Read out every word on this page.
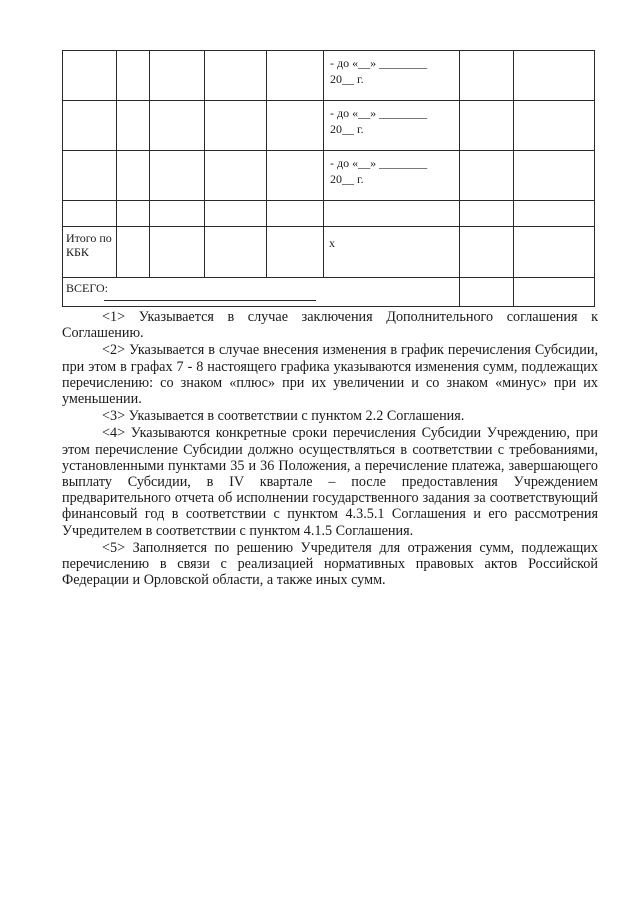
					- до «__» ________
20__ г.		

					- до «__» ________
20__ г.		

					- до «__» ________
20__ г.		

Итого по КБК					x		
ВСЕГО:							

<1> Указывается в случае заключения Дополнительного соглашения к Соглашению.

<2> Указывается в случае внесения изменения в график перечисления Субсидии, при этом в графах 7 - 8 настоящего графика указываются изменения сумм, подлежащих перечислению: со знаком «плюс» при их увеличении и со знаком «минус» при их уменьшении.

<3> Указывается в соответствии с пунктом 2.2 Соглашения.

<4> Указываются конкретные сроки перечисления Субсидии Учреждению, при этом перечисление Субсидии должно осуществляться в соответствии с требованиями, установленными пунктами 35 и 36 Положения, а перечисление платежа, завершающего выплату Субсидии, в IV квартале – после предоставления Учреждением предварительного отчета об исполнении государственного задания за соответствующий финансовый год в соответствии с пунктом 4.3.5.1 Соглашения и его рассмотрения Учредителем в соответствии с пунктом 4.1.5 Соглашения.

<5> Заполняется по решению Учредителя для отражения сумм, подлежащих перечислению в связи с реализацией нормативных правовых актов Российской Федерации и Орловской области, а также иных сумм.
